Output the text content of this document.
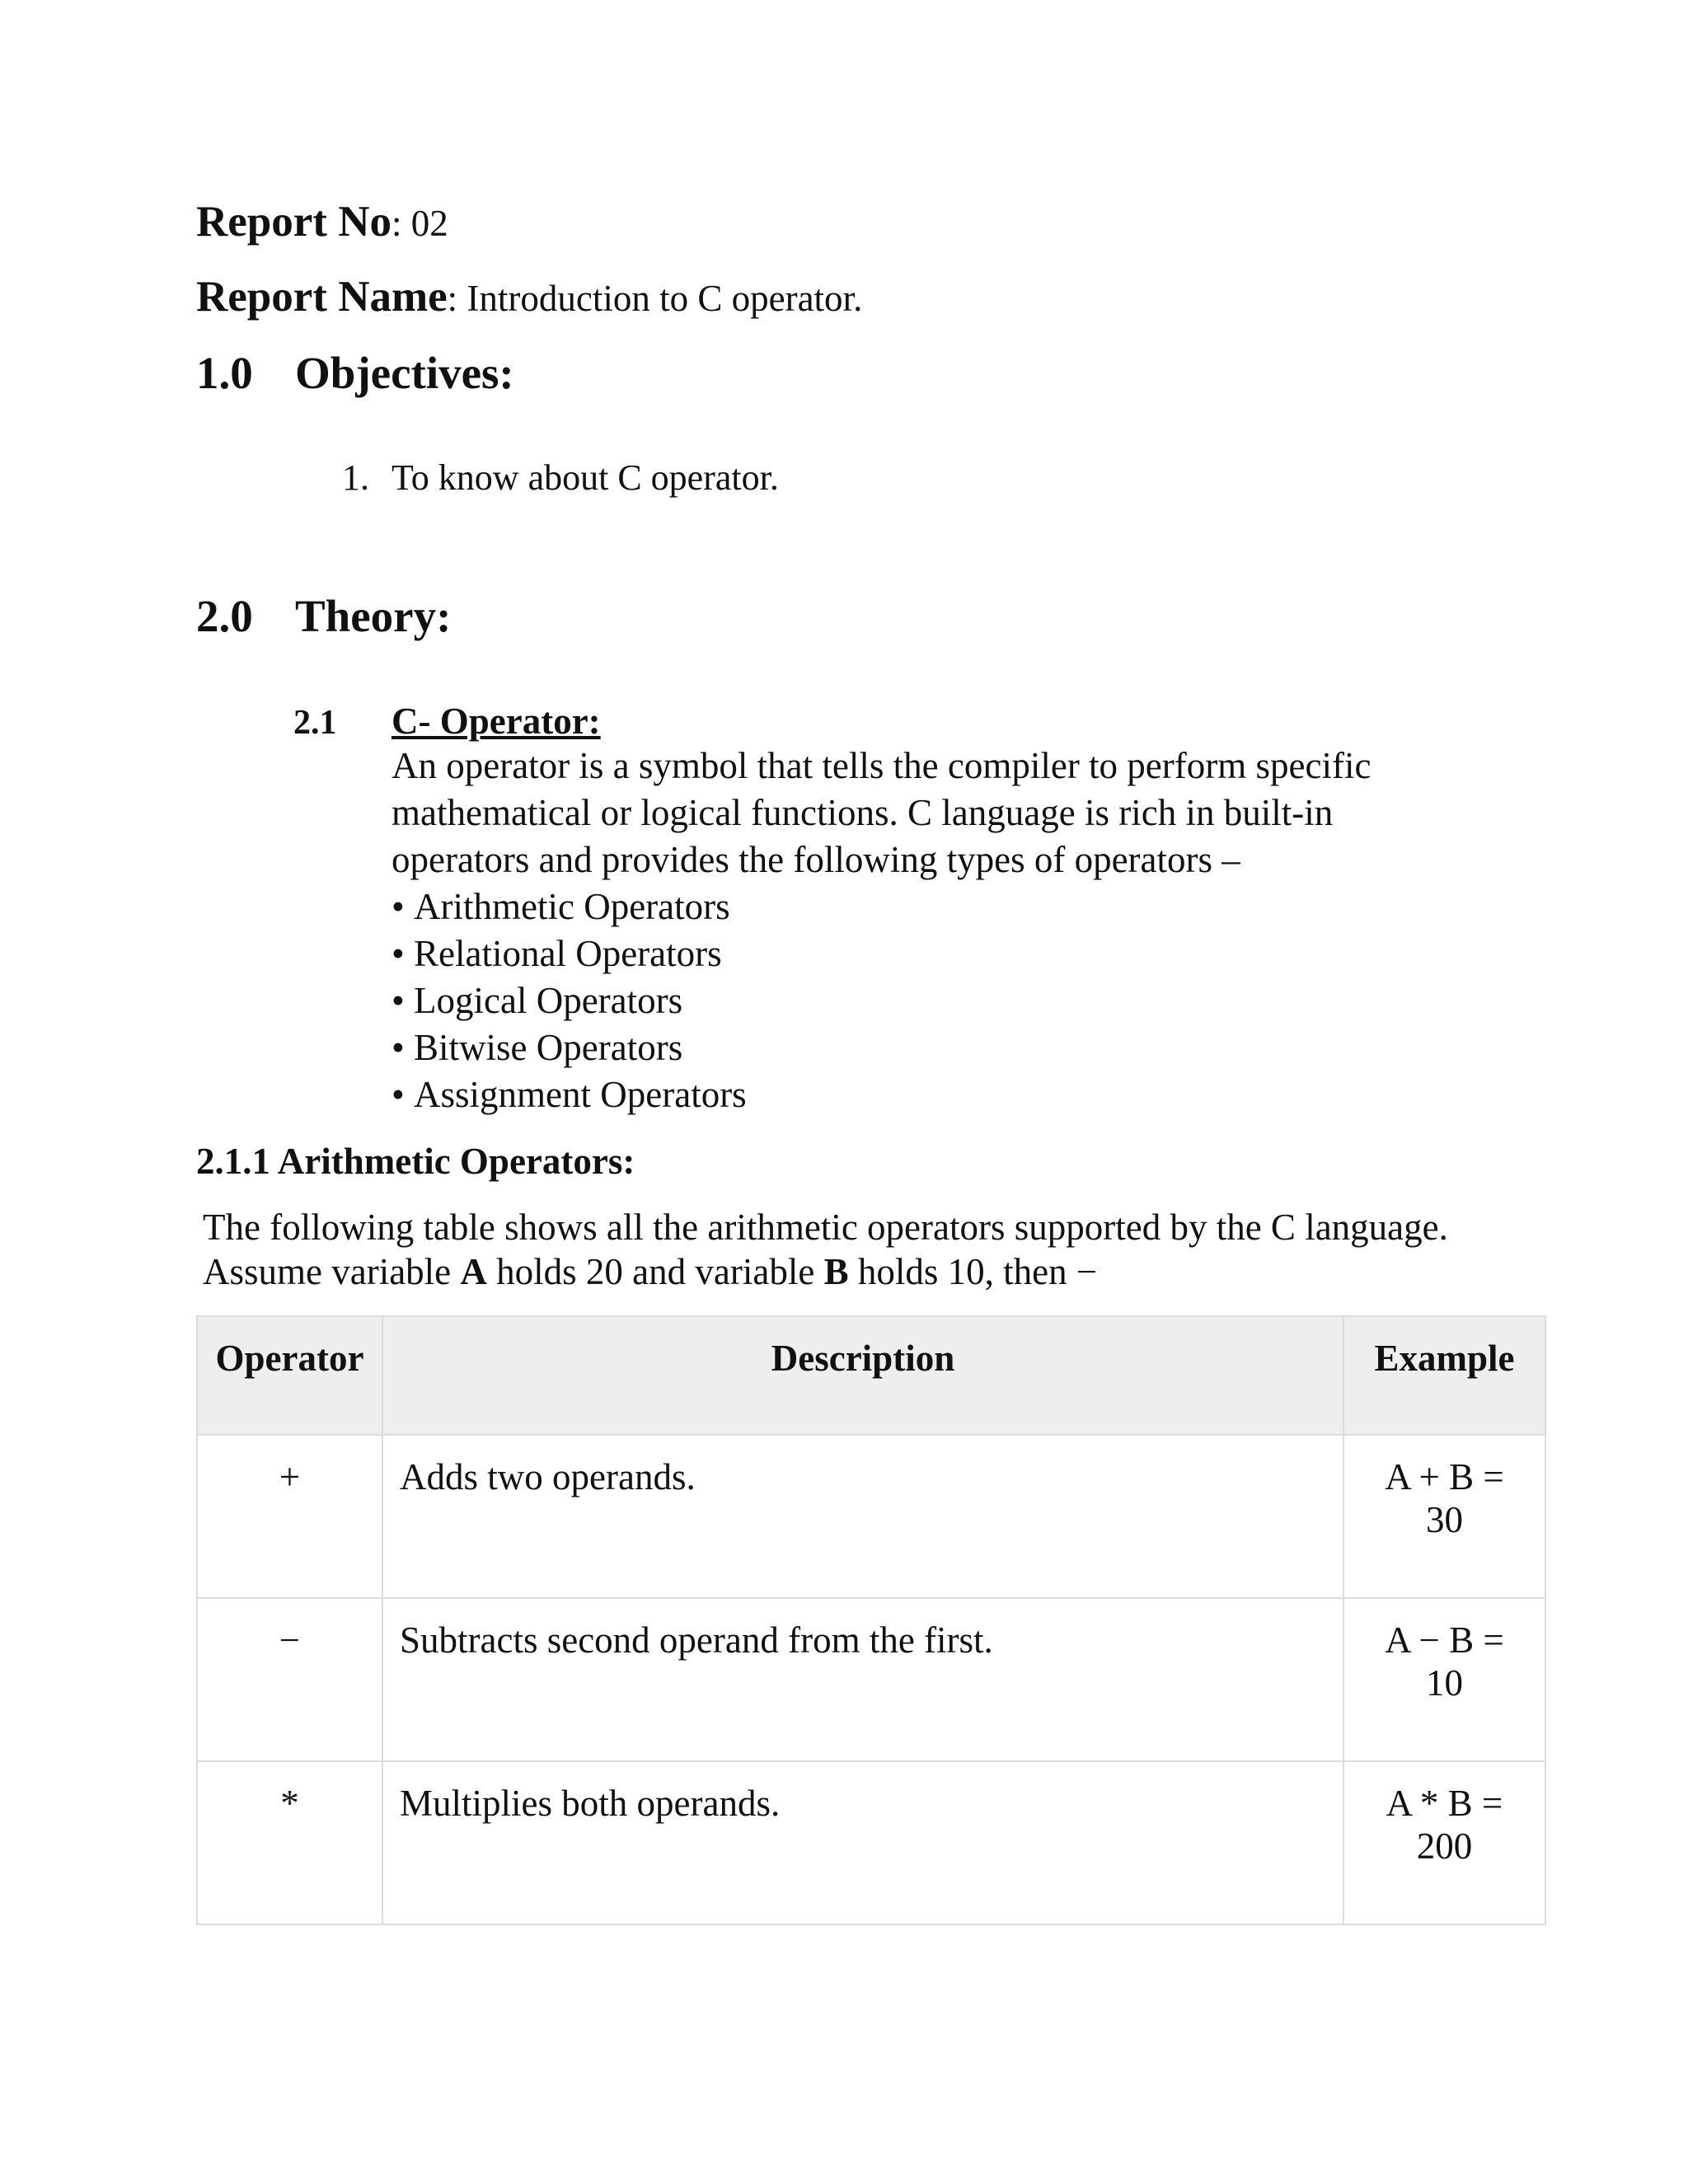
Report No: 02
Report Name: Introduction to C operator.
1.0 Objectives:
1. To know about C operator.
2.0 Theory:
2.1 C- Operator:
An operator is a symbol that tells the compiler to perform specific
mathematical or logical functions. C language is rich in built-in
operators and provides the following types of operators –
• Arithmetic Operators
• Relational Operators
• Logical Operators
• Bitwise Operators
• Assignment Operators
2.1.1 Arithmetic Operators:
The following table shows all the arithmetic operators supported by the C language.
Assume variable A holds 20 and variable B holds 10, then −
Operator	Description	Example
+	Adds two operands.	A + B =
30

−	Subtracts second operand from the first.	A − B =
10

*	Multiplies both operands.	A * B =
200
